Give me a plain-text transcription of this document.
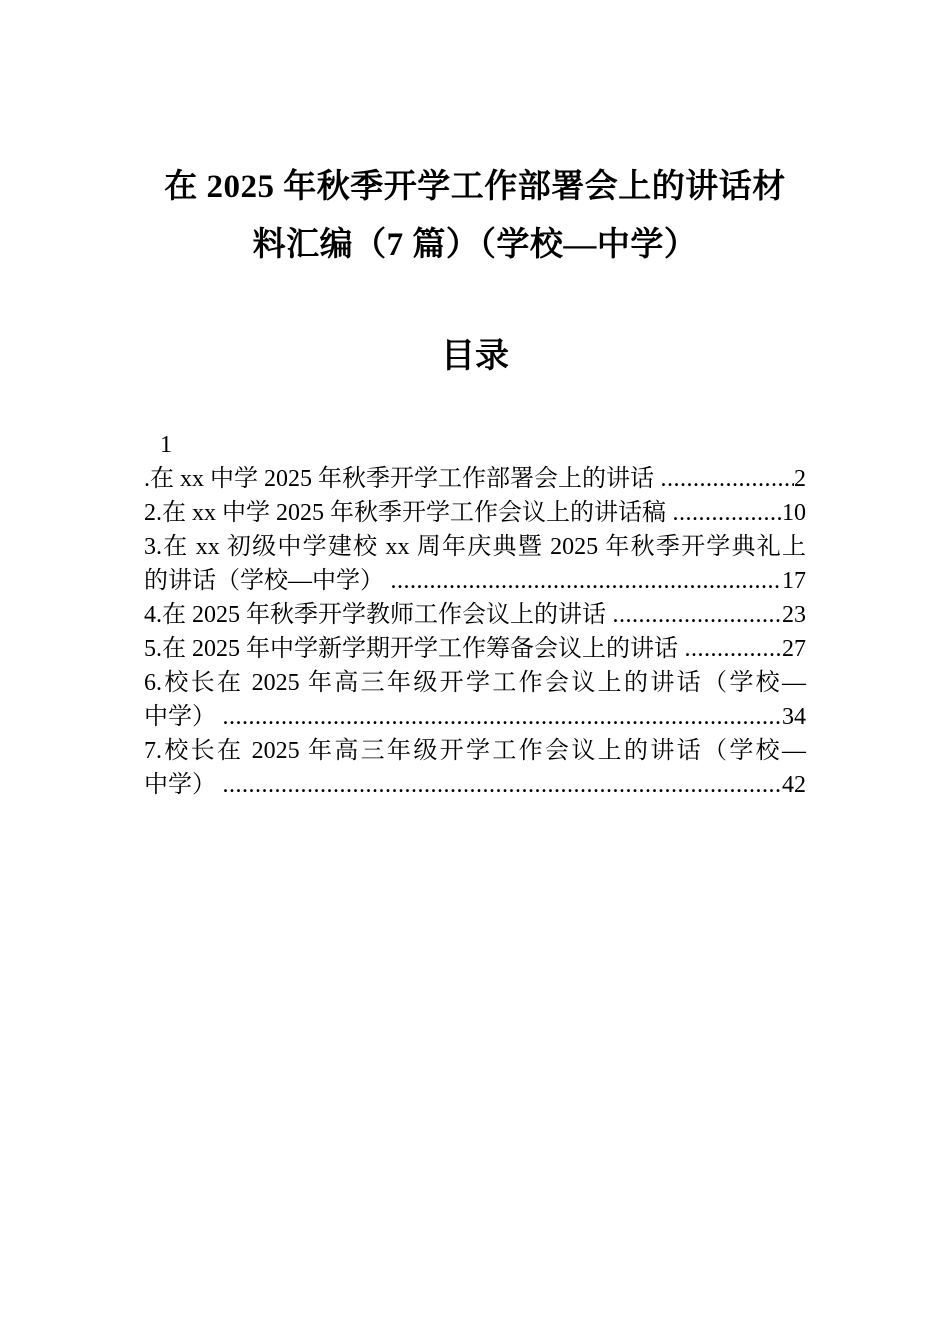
在 2025 年秋季开学工作部署会上的讲话材
料汇编（7 篇）（学校—中学）
目录
1
.在 xx 中学 2025 年秋季开学工作部署会上的讲话 .....	2
2.在 xx 中学 2025 年秋季开学工作会议上的讲话稿 .....	10
3.在 xx 初级中学建校 xx 周年庆典暨 2025 年秋季开学典礼上
的讲话（学校—中学） .....	17
4.在 2025 年秋季开学教师工作会议上的讲话 .....	23
5.在 2025 年中学新学期开学工作筹备会议上的讲话 .....	27
6.校长在 2025 年高三年级开学工作会议上的讲话（学校—
中学） .....	34
7.校长在 2025 年高三年级开学工作会议上的讲话（学校—
中学） .....	42
